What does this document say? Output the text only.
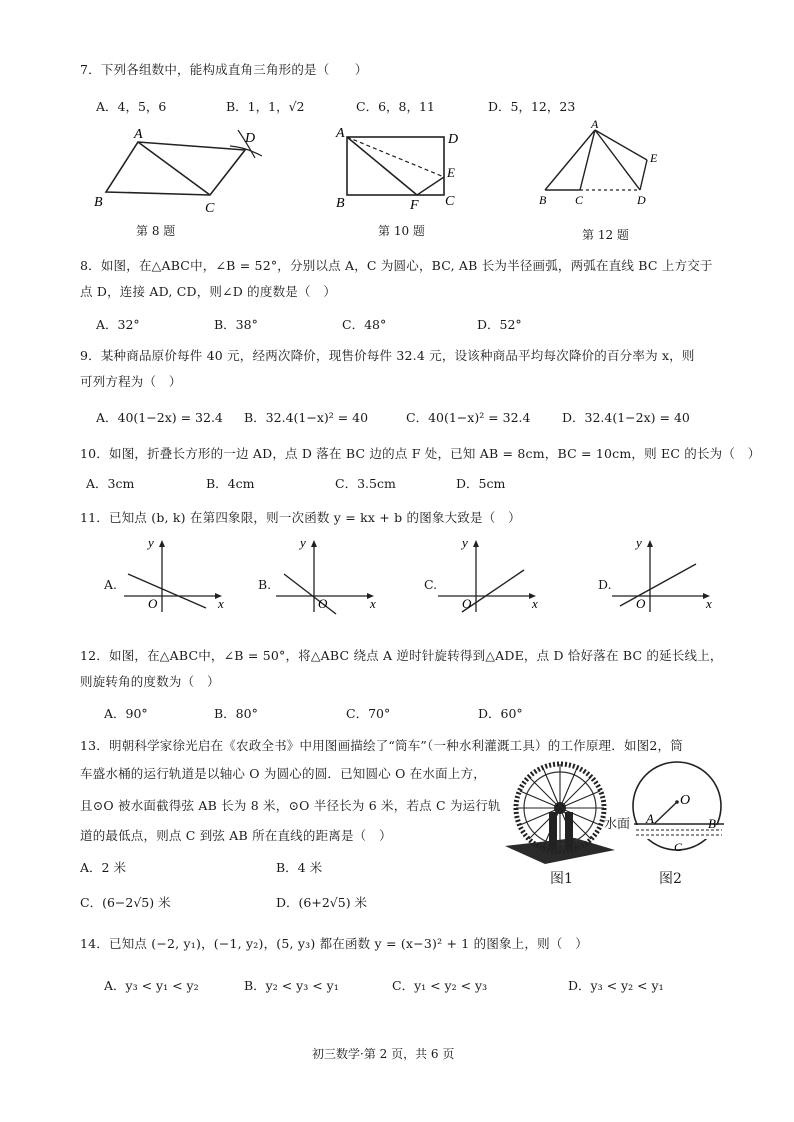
7．下列各组数中，能构成直角三角形的是（　　）
A．4，5，6	B．1，1，√2	C．6，8，11	D．5，12，23
A	D
B	C
第 8 题
A	D
E
B	F C
第 10 题
A
E
B C	D
第 12 题
8．如图，在△ABC中，∠B = 52°，分别以点 A，C 为圆心，BC, AB 长为半径画弧，两弧在直线 BC 上方交于
点 D，连接 AD, CD，则∠D 的度数是（　）
A．32°	B．38°	C．48°	D．52°
9．某种商品原价每件 40 元，经两次降价，现售价每件 32.4 元，设该种商品平均每次降价的百分率为 x，则
可列方程为（　）
A．40(1−2x) = 32.4 B．32.4(1−x)² = 40	C．40(1−x)² = 32.4	D．32.4(1−2x) = 40
10．如图，折叠长方形的一边 AD，点 D 落在 BC 边的点 F 处，已知 AB = 8cm，BC = 10cm，则 EC 的长为（　）
A．3cm	B．4cm	C．3.5cm	D．5cm
11．已知点 (b, k) 在第四象限，则一次函数 y = kx + b 的图象大致是（　）
A.
y
x
O
B.
y
x
O
C.
y
x
O
D.
y
x
O
12．如图，在△ABC中，∠B = 50°，将△ABC 绕点 A 逆时针旋转得到△ADE，点 D 恰好落在 BC 的延长线上，
则旋转角的度数为（　）
A．90°	B．80°	C．70°	D．60°
13．明朝科学家徐光启在《农政全书》中用图画描绘了“筒车”（一种水利灌溉工具）的工作原理．如图2，筒
车盛水桶的运行轨道是以轴心 O 为圆心的圆．已知圆心 O 在水面上方，
且⊙O 被水面截得弦 AB 长为 8 米，⊙O 半径长为 6 米，若点 C 为运行轨
道的最低点，则点 C 到弦 AB 所在直线的距离是（　）
A．2 米	B．4 米
C．(6−2√5) 米	D．(6+2√5) 米
图1
O
A	B
C
水面
图2
14．已知点 (−2, y₁)，(−1, y₂)，(5, y₃) 都在函数 y = (x−3)² + 1 的图象上，则（　）
A．y₃ < y₁ < y₂	B．y₂ < y₃ < y₁	C．y₁ < y₂ < y₃	D．y₃ < y₂ < y₁
初三数学·第 2 页，共 6 页
